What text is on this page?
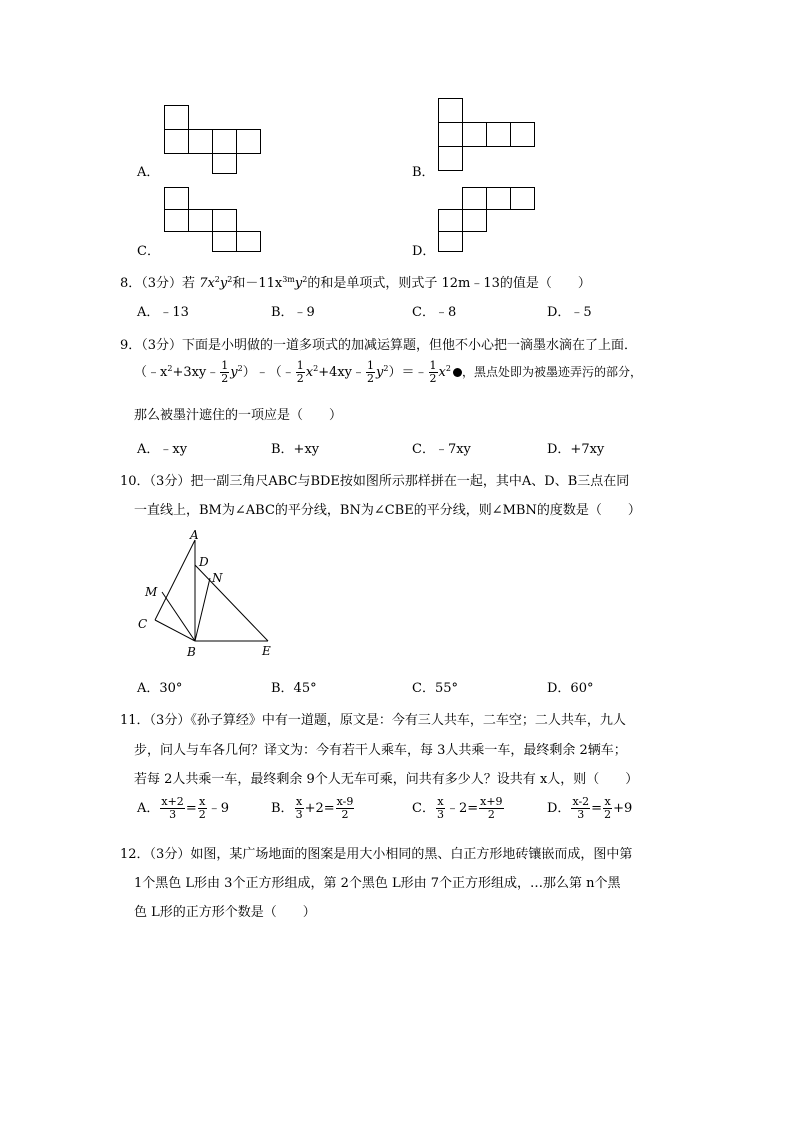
A．	B．
C．	D．
8．（3分）若 $7x^2y^2$和$-11x^{3m}y^2$的和是单项式，则式子 12m﹣13的值是（　　）
A．﹣13	B．﹣9	C．﹣8	D．﹣5
9．（3分）下面是小明做的一道多项式的加减运算题，但他不小心把一滴墨水滴在了上面．
（$﹣x^2+3xy﹣ \frac{1}{2}$ $y^2)﹣(﹣ \frac{1}{2}$ $x^2+4xy﹣ \frac{1}{2}$ $y^2)=﹣ \frac{1}{2} x^2$ ，黑点处即为被墨迹弄污的部分，
那么被墨汁遮住的一项应是（　　）
A．﹣xy	B．+xy	C．﹣7xy	D．+7xy
10．（3分）把一副三角尺ABC与BDE按如图所示那样拼在一起，其中A、D、B三点在同
一直线上，BM为∠ABC的平分线，BN为∠CBE的平分线，则∠MBN的度数是（　　）
A
D
N
M
C
B	E
A．30°	B．45°	C．55°	D．60°
11．（3分）《孙子算经》中有一道题，原文是：今有三人共车，二车空；二人共车，九人
步，问人与车各几何？译文为：今有若干人乘车，每 3人共乘一车，最终剩余 2辆车；
若每 2人共乘一车，最终剩余 9个人无车可乘，问共有多少人？设共有 x人，则（　　）
A． $\frac{x+2}{3} = \frac{x}{2}$ ﹣9	B． $\frac{x}{3} +2= \frac{x-9}{2}$	C． $\frac{x}{3}$ ﹣2= $\frac{x+9}{2}$	D． $\frac{x-2}{3} = \frac{x}{2} +9$
12．（3分）如图，某广场地面的图案是用大小相同的黑、白正方形地砖镶嵌而成，图中第
1个黑色 L形由 3个正方形组成，第 2个黑色 L形由 7个正方形组成，…那么第 n个黑
色 L形的正方形个数是（　　）
